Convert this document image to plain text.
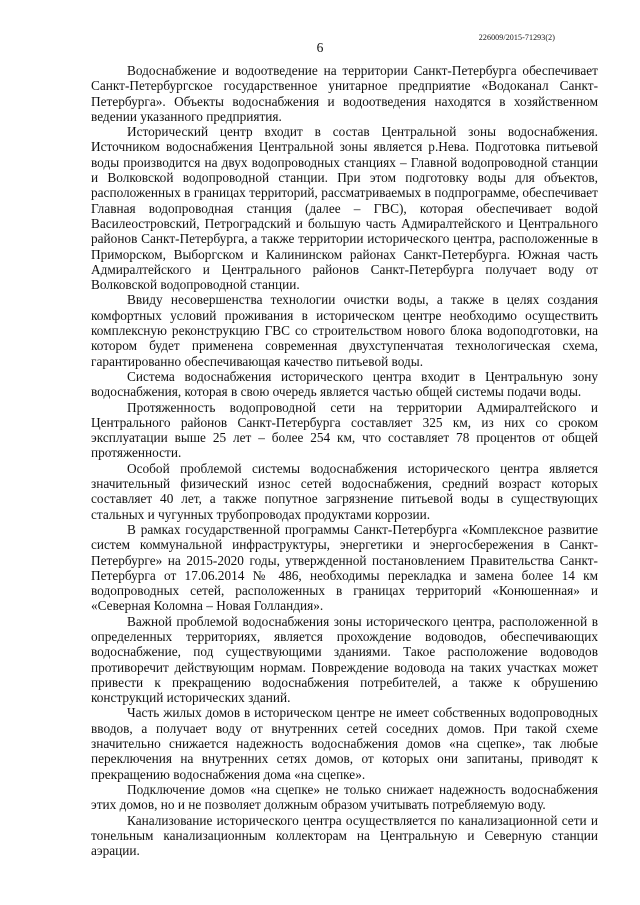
226009/2015-71293(2)
6

Водоснабжение и водоотведение на территории Санкт-Петербурга обеспечивает Санкт-Петербургское государственное унитарное предприятие «Водоканал Санкт-Петербурга». Объекты водоснабжения и водоотведения находятся в хозяйственном ведении указанного предприятия.

Исторический центр входит в состав Центральной зоны водоснабжения. Источником водоснабжения Центральной зоны является р.Нева. Подготовка питьевой воды производится на двух водопроводных станциях – Главной водопроводной станции и Волковской водопроводной станции. При этом подготовку воды для объектов, расположенных в границах территорий, рассматриваемых в подпрограмме, обеспечивает Главная водопроводная станция (далее – ГВС), которая обеспечивает водой Василеостровский, Петроградский и большую часть Адмиралтейского и Центрального районов Санкт-Петербурга, а также территории исторического центра, расположенные в Приморском, Выборгском и Калининском районах Санкт-Петербурга. Южная часть Адмиралтейского и Центрального районов Санкт-Петербурга получает воду от Волковской водопроводной станции.

Ввиду несовершенства технологии очистки воды, а также в целях создания комфортных условий проживания в историческом центре необходимо осуществить комплексную реконструкцию ГВС со строительством нового блока водоподготовки, на котором будет применена современная двухступенчатая технологическая схема, гарантированно обеспечивающая качество питьевой воды.

Система водоснабжения исторического центра входит в Центральную зону водоснабжения, которая в свою очередь является частью общей системы подачи воды.

Протяженность водопроводной сети на территории Адмиралтейского и Центрального районов Санкт-Петербурга составляет 325 км, из них со сроком эксплуатации выше 25 лет – более 254 км, что составляет 78 процентов от общей протяженности.

Особой проблемой системы водоснабжения исторического центра является значительный физический износ сетей водоснабжения, средний возраст которых составляет 40 лет, а также попутное загрязнение питьевой воды в существующих стальных и чугунных трубопроводах продуктами коррозии.

В рамках государственной программы Санкт-Петербурга «Комплексное развитие систем коммунальной инфраструктуры, энергетики и энергосбережения в Санкт-Петербурге» на 2015-2020 годы, утвержденной постановлением Правительства Санкт-Петербурга от 17.06.2014 № 486, необходимы перекладка и замена более 14 км водопроводных сетей, расположенных в границах территорий «Конюшенная» и «Северная Коломна – Новая Голландия».

Важной проблемой водоснабжения зоны исторического центра, расположенной в определенных территориях, является прохождение водоводов, обеспечивающих водоснабжение, под существующими зданиями. Такое расположение водоводов противоречит действующим нормам. Повреждение водовода на таких участках может привести к прекращению водоснабжения потребителей, а также к обрушению конструкций исторических зданий.

Часть жилых домов в историческом центре не имеет собственных водопроводных вводов, а получает воду от внутренних сетей соседних домов. При такой схеме значительно снижается надежность водоснабжения домов «на сцепке», так любые переключения на внутренних сетях домов, от которых они запитаны, приводят к прекращению водоснабжения дома «на сцепке».

Подключение домов «на сцепке» не только снижает надежность водоснабжения этих домов, но и не позволяет должным образом учитывать потребляемую воду.

Канализование исторического центра осуществляется по канализационной сети и тонельным канализационным коллекторам на Центральную и Северную станции аэрации.
